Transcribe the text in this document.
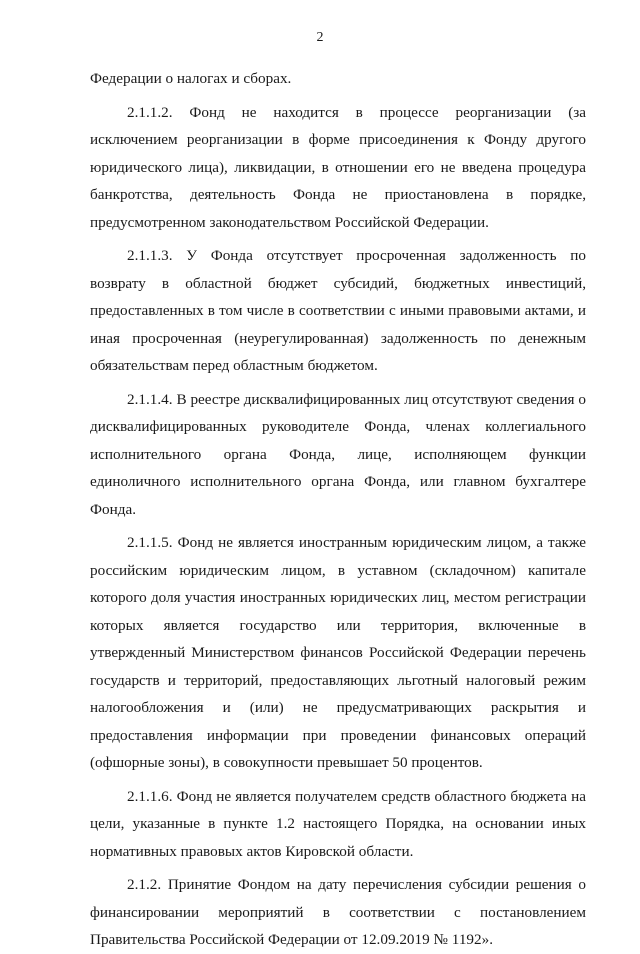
2

Федерации о налогах и сборах.

2.1.1.2. Фонд не находится в процессе реорганизации (за исключением реорганизации в форме присоединения к Фонду другого юридического лица), ликвидации, в отношении его не введена процедура банкротства, деятельность Фонда не приостановлена в порядке, предусмотренном законодательством Российской Федерации.

2.1.1.3. У Фонда отсутствует просроченная задолженность по возврату в областной бюджет субсидий, бюджетных инвестиций, предоставленных в том числе в соответствии с иными правовыми актами, и иная просроченная (неурегулированная) задолженность по денежным обязательствам перед областным бюджетом.

2.1.1.4. В реестре дисквалифицированных лиц отсутствуют сведения о дисквалифицированных руководителе Фонда, членах коллегиального исполнительного органа Фонда, лице, исполняющем функции единоличного исполнительного органа Фонда, или главном бухгалтере Фонда.

2.1.1.5. Фонд не является иностранным юридическим лицом, а также российским юридическим лицом, в уставном (складочном) капитале которого доля участия иностранных юридических лиц, местом регистрации которых является государство или территория, включенные в утвержденный Министерством финансов Российской Федерации перечень государств и территорий, предоставляющих льготный налоговый режим налогообложения и (или) не предусматривающих раскрытия и предоставления информации при проведении финансовых операций (офшорные зоны), в совокупности превышает 50 процентов.

2.1.1.6. Фонд не является получателем средств областного бюджета на цели, указанные в пункте 1.2 настоящего Порядка, на основании иных нормативных правовых актов Кировской области.

2.1.2. Принятие Фондом на дату перечисления субсидии решения о финансировании мероприятий в соответствии с постановлением Правительства Российской Федерации от 12.09.2019 № 1192».
